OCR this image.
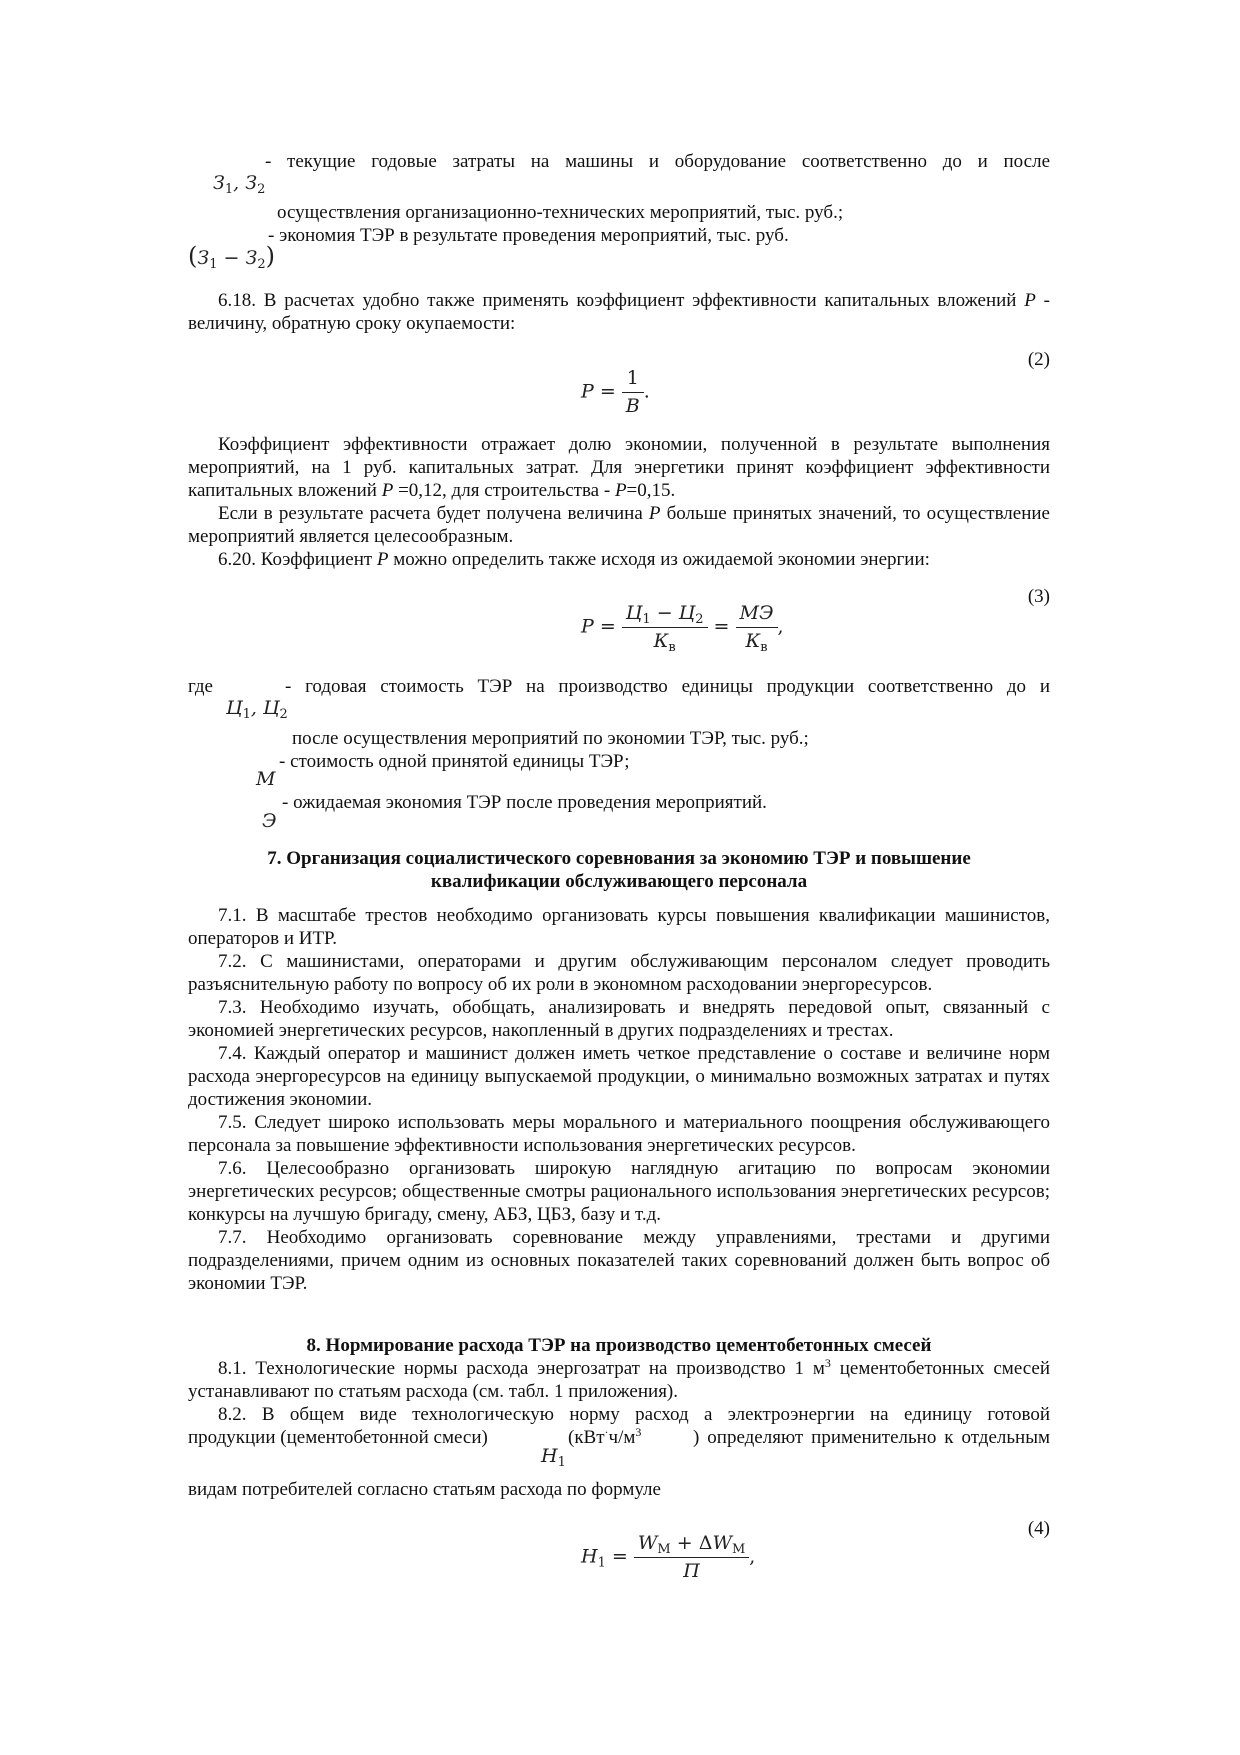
$З_1$, $З_2$
- текущие годовые затраты на машины и оборудование соответственно до и после
осуществления организационно-технических мероприятий, тыс. руб.;
$(З_1 - З_2)$
- экономия ТЭР в результате проведения мероприятий, тыс. руб.
6.18. В расчетах удобно также применять коэффициент эффективности капитальных вложений Р - величину, обратную сроку окупаемости:
(2)
$Р = \frac{1}{В}$ .
Коэффициент эффективности отражает долю экономии, полученной в результате выполнения мероприятий, на 1 руб. капитальных затрат. Для энергетики принят коэффициент эффективности капитальных вложений Р =0,12, для строительства - Р=0,15.
Если в результате расчета будет получена величина Р больше принятых значений, то осуществление мероприятий является целесообразным.
6.20. Коэффициент Р можно определить также исходя из ожидаемой экономии энергии:
(3)
$Р = \frac{Ц_1 - Ц_2}{К_в} = \frac{МЭ}{К_в}$ ,
где
$Ц_1$, $Ц_2$
- годовая стоимость ТЭР на производство единицы продукции соответственно до и
после осуществления мероприятий по экономии ТЭР, тыс. руб.;
- стоимость одной принятой единицы ТЭР;
М
- ожидаемая экономия ТЭР после проведения мероприятий.
Э
7. Организация социалистического соревнования за экономию ТЭР и повышение
квалификации обслуживающего персонала
7.1. В масштабе трестов необходимо организовать курсы повышения квалификации машинистов, операторов и ИТР.
7.2. С машинистами, операторами и другим обслуживающим персоналом следует проводить разъяснительную работу по вопросу об их роли в экономном расходовании энергоресурсов.
7.3. Необходимо изучать, обобщать, анализировать и внедрять передовой опыт, связанный с экономией энергетических ресурсов, накопленный в других подразделениях и трестах.
7.4. Каждый оператор и машинист должен иметь четкое представление о составе и величине норм расхода энергоресурсов на единицу выпускаемой продукции, о минимально возможных затратах и путях достижения экономии.
7.5. Следует широко использовать меры морального и материального поощрения обслуживающего персонала за повышение эффективности использования энергетических ресурсов.
7.6. Целесообразно организовать широкую наглядную агитацию по вопросам экономии энергетических ресурсов; общественные смотры рационального использования энергетических ресурсов; конкурсы на лучшую бригаду, смену, АБЗ, ЦБЗ, базу и т.д.
7.7. Необходимо организовать соревнование между управлениями, трестами и другими подразделениями, причем одним из основных показателей таких соревнований должен быть вопрос об экономии ТЭР.
8. Нормирование расхода ТЭР на производство цементобетонных смесей
8.1. Технологические нормы расхода энергозатрат на производство 1 $м^3$ цементобетонных смесей устанавливают по статьям расхода (см. табл. 1 приложения).
8.2. В общем виде технологическую норму расход а электроэнергии на единицу готовой
продукции (цементобетонной смеси)	($кВт^\cdot ч/м^3$	) определяют применительно к отдельным
$Н_1$
видам потребителей согласно статьям расхода по формуле
(4)
$Н_1 = \frac{W_M + \Delta W_M}{П}$ ,
